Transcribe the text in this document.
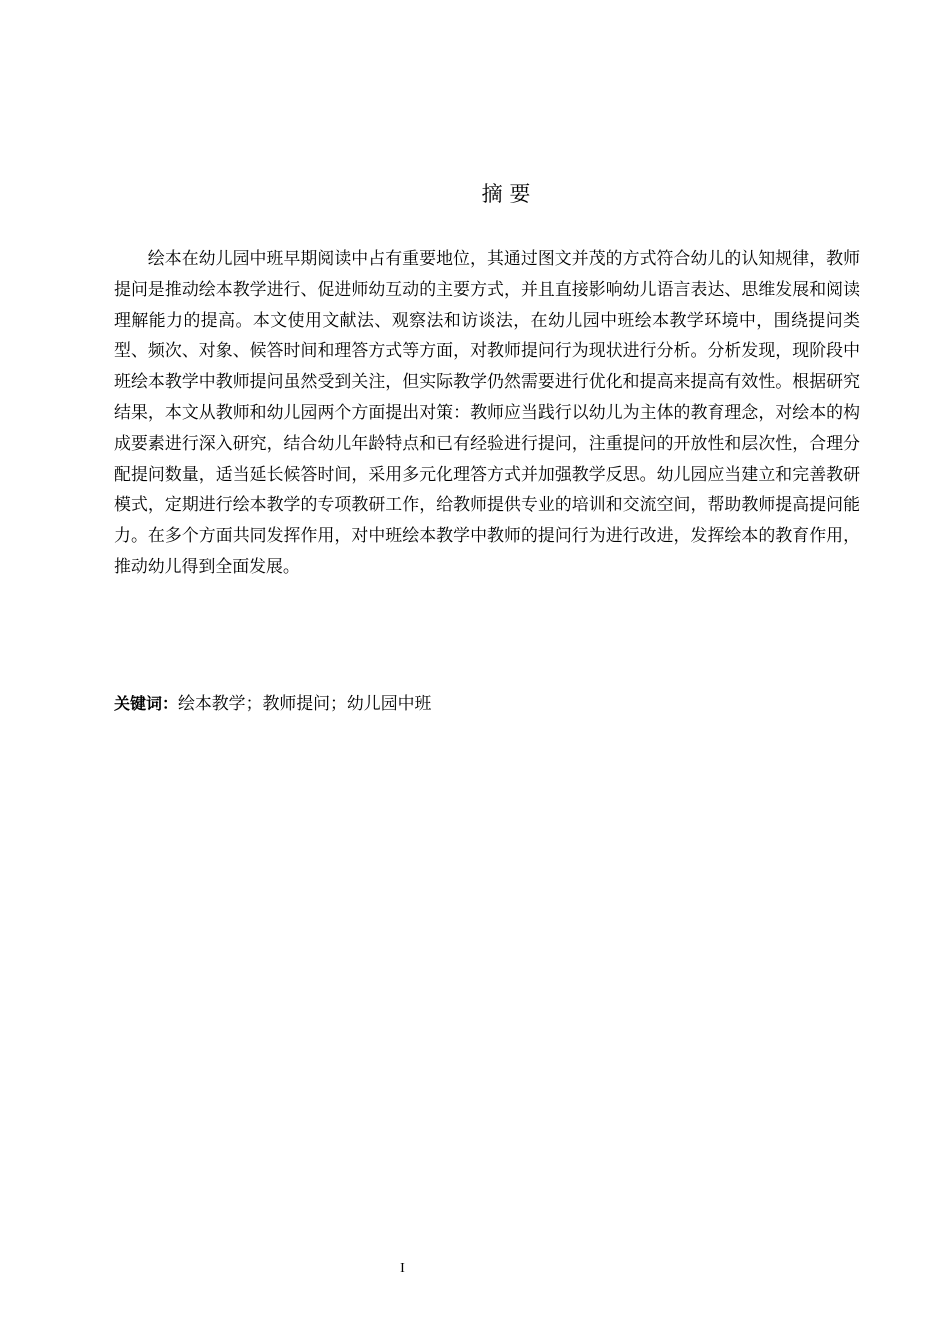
摘 要

绘本在幼儿园中班早期阅读中占有重要地位，其通过图文并茂的方式符合幼儿的认知规律，教师提问是推动绘本教学进行、促进师幼互动的主要方式，并且直接影响幼儿语言表达、思维发展和阅读理解能力的提高。本文使用文献法、观察法和访谈法，在幼儿园中班绘本教学环境中，围绕提问类型、频次、对象、候答时间和理答方式等方面，对教师提问行为现状进行分析。分析发现，现阶段中班绘本教学中教师提问虽然受到关注，但实际教学仍然需要进行优化和提高来提高有效性。根据研究结果，本文从教师和幼儿园两个方面提出对策：教师应当践行以幼儿为主体的教育理念，对绘本的构成要素进行深入研究，结合幼儿年龄特点和已有经验进行提问，注重提问的开放性和层次性，合理分配提问数量，适当延长候答时间，采用多元化理答方式并加强教学反思。幼儿园应当建立和完善教研模式，定期进行绘本教学的专项教研工作，给教师提供专业的培训和交流空间，帮助教师提高提问能力。在多个方面共同发挥作用，对中班绘本教学中教师的提问行为进行改进，发挥绘本的教育作用，推动幼儿得到全面发展。

关键词：绘本教学；教师提问；幼儿园中班

I
